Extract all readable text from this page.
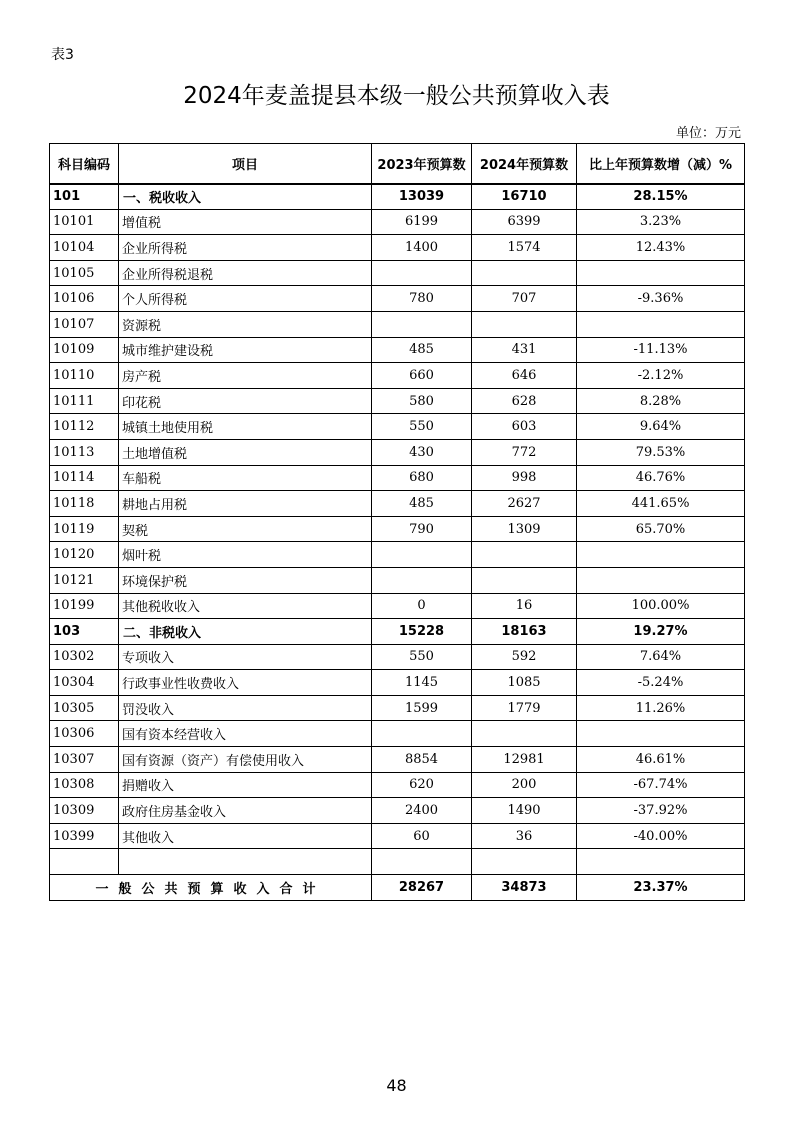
表3
2024年麦盖提县本级一般公共预算收入表
单位：万元
科目编码	项目	2023年预算数	2024年预算数	比上年预算数增（减）%
101	一、税收收入	13039	16710	28.15%
10101	增值税	6199	6399	3.23%
10104	企业所得税	1400	1574	12.43%
10105	企业所得税退税			
10106	个人所得税	780	707	-9.36%
10107	资源税			
10109	城市维护建设税	485	431	-11.13%
10110	房产税	660	646	-2.12%
10111	印花税	580	628	8.28%
10112	城镇土地使用税	550	603	9.64%
10113	土地增值税	430	772	79.53%
10114	车船税	680	998	46.76%
10118	耕地占用税	485	2627	441.65%
10119	契税	790	1309	65.70%
10120	烟叶税			
10121	环境保护税			
10199	其他税收收入	0	16	100.00%
103	二、非税收入	15228	18163	19.27%
10302	专项收入	550	592	7.64%
10304	行政事业性收费收入	1145	1085	-5.24%
10305	罚没收入	1599	1779	11.26%
10306	国有资本经营收入			
10307	国有资源（资产）有偿使用收入	8854	12981	46.61%
10308	捐赠收入	620	200	-67.74%
10309	政府住房基金收入	2400	1490	-37.92%
10399	其他收入	60	36	-40.00%

一般公共预算收入合计		28267	34873	23.37%
48
